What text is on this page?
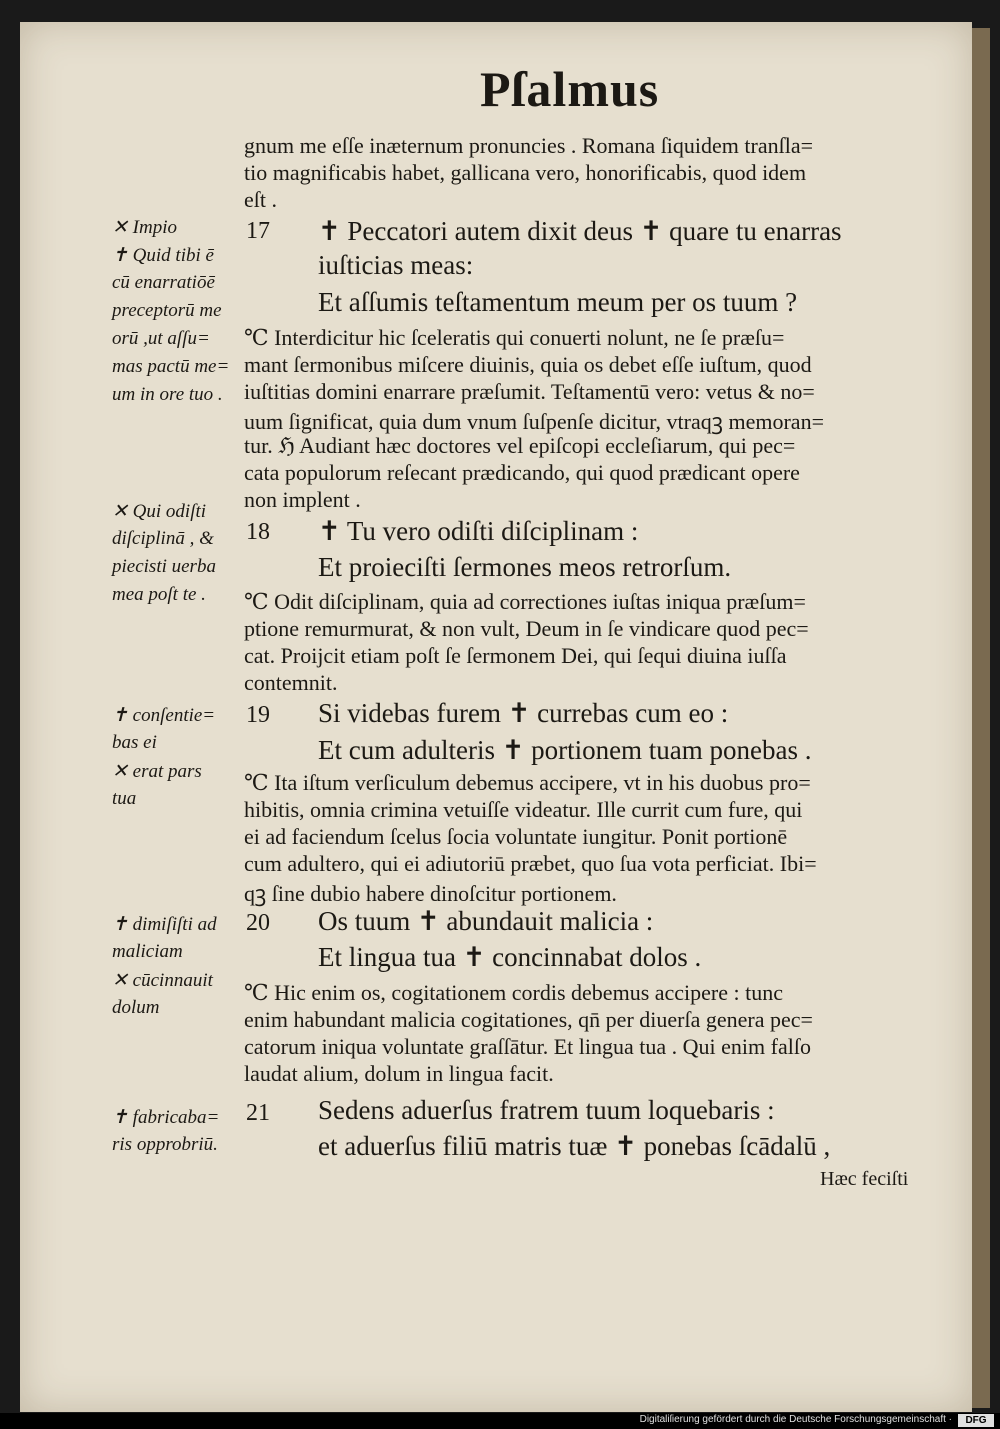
Pſalmus
gnum me eſſe inæternum pronuncies . Romana ſiquidem tranſla=
tio magnificabis habet, gallicana vero, honorificabis, quod idem
eſt .
✕ Impio
✝ Quid tibi ē
cū enarratiōē
preceptorū me
orū ,ut aſſu=
mas pactū me=
um in ore tuo .
17 ✝ Peccatori autem dixit deus ✝ quare tu enarras
iuſticias meas:
Et aſſumis teſtamentum meum per os tuum ?
℃ Interdicitur hic ſceleratis qui conuerti nolunt, ne ſe præſu=
mant ſermonibus miſcere diuinis, quia os debet eſſe iuſtum, quod
iuſtitias domini enarrare præſumit. Teſtamentū vero: vetus & no=
uum ſignificat, quia dum vnum ſuſpenſe dicitur, vtraqꝫ memoran=
tur. ℌ Audiant hæc doctores vel epiſcopi eccleſiarum, qui pec=
cata populorum reſecant prædicando, qui quod prædicant opere
non implent .
✕ Qui odiſti
diſciplinā , &
piecisti uerba
mea poſt te .
18 ✝ Tu vero odiſti diſciplinam :
Et proieciſti ſermones meos retrorſum.
℃ Odit diſciplinam, quia ad correctiones iuſtas iniqua præſum=
ptione remurmurat, & non vult, Deum in ſe vindicare quod pec=
cat. Proijcit etiam poſt ſe ſermonem Dei, qui ſequi diuina iuſſa
contemnit.
✝ conſentie=
bas ei
✕ erat pars
tua
19 Si videbas furem ✝ currebas cum eo :
Et cum adulteris ✝ portionem tuam ponebas .
℃ Ita iſtum verſiculum debemus accipere, vt in his duobus pro=
hibitis, omnia crimina vetuiſſe videatur. Ille currit cum fure, qui
ei ad faciendum ſcelus ſocia voluntate iungitur. Ponit portionē
cum adultero, qui ei adiutoriū præbet, quo ſua vota perficiat. Ibi=
qꝫ ſine dubio habere dinoſcitur portionem.
✝ dimiſiſti ad
maliciam
✕ cūcinnauit
dolum
20 Os tuum ✝ abundauit malicia :
Et lingua tua ✝ concinnabat dolos .
℃ Hic enim os, cogitationem cordis debemus accipere : tunc
enim habundant malicia cogitationes, qn̄ per diuerſa genera pec=
catorum iniqua voluntate graſſātur. Et lingua tua . Qui enim falſo
laudat alium, dolum in lingua facit.
✝ fabricaba=
ris opprobriū.
21 Sedens aduerſus fratrem tuum loquebaris :
et aduerſus filiū matris tuæ ✝ ponebas ſcādalū ,
Hæc feciſti
Digitaliſierung gefördert durch die Deutsche Forschungsgemeinschaft ·	DFG
